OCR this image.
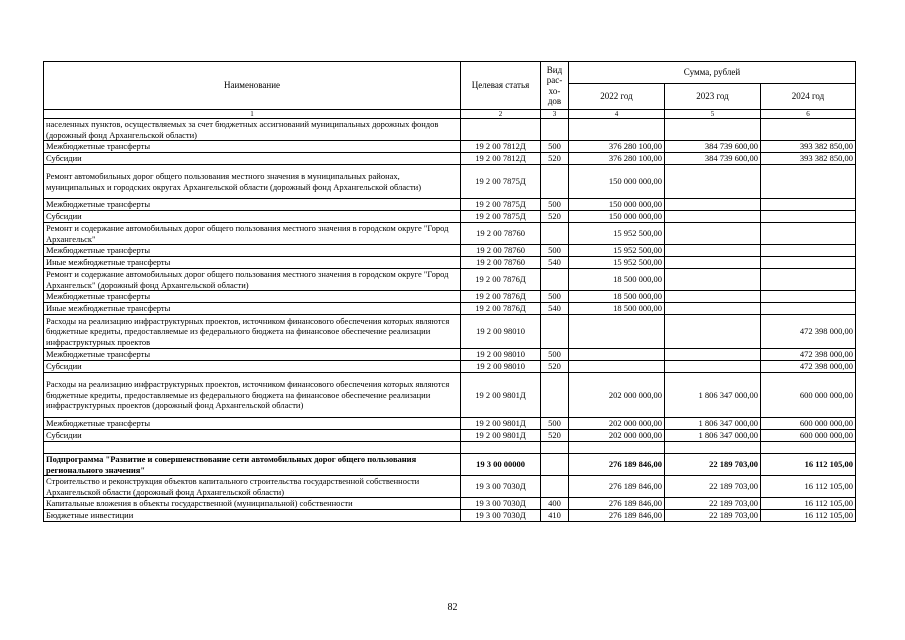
Наименование	Целевая статья	Вид
рас-
хо-
дов	Сумма, рублей		
			2022 год	2023 год	2024 год
1	2	3	4	5	6
населенных пунктов, осуществляемых за счет бюджетных ассигнований муниципальных дорожных фондов (дорожный фонд Архангельской области)					
Межбюджетные трансферты	19 2 00 7812Д	500	376 280 100,00	384 739 600,00	393 382 850,00
Субсидии	19 2 00 7812Д	520	376 280 100,00	384 739 600,00	393 382 850,00
Ремонт автомобильных дорог общего пользования местного значения в муниципальных районах, муниципальных и городских округах Архангельской области (дорожный фонд Архангельской области)	19 2 00 7875Д		150 000 000,00		
Межбюджетные трансферты	19 2 00 7875Д	500	150 000 000,00		
Субсидии	19 2 00 7875Д	520	150 000 000,00		
Ремонт и содержание автомобильных дорог общего пользования местного значения в городском округе "Город Архангельск"	19 2 00 78760		15 952 500,00		
Межбюджетные трансферты	19 2 00 78760	500	15 952 500,00		
Иные межбюджетные трансферты	19 2 00 78760	540	15 952 500,00		
Ремонт и содержание автомобильных дорог общего пользования местного значения в городском округе "Город Архангельск" (дорожный фонд Архангельской области)	19 2 00 7876Д		18 500 000,00		
Межбюджетные трансферты	19 2 00 7876Д	500	18 500 000,00		
Иные межбюджетные трансферты	19 2 00 7876Д	540	18 500 000,00		
Расходы на реализацию инфраструктурных проектов, источником финансового обеспечения которых являются бюджетные кредиты, предоставляемые из федерального бюджета на финансовое обеспечение реализации инфраструктурных проектов	19 2 00 98010				472 398 000,00
Межбюджетные трансферты	19 2 00 98010	500			472 398 000,00
Субсидии	19 2 00 98010	520			472 398 000,00
Расходы на реализацию инфраструктурных проектов, источником финансового обеспечения которых являются бюджетные кредиты, предоставляемые из федерального бюджета на финансовое обеспечение реализации инфраструктурных проектов (дорожный фонд Архангельской области)	19 2 00 9801Д		202 000 000,00	1 806 347 000,00	600 000 000,00
Межбюджетные трансферты	19 2 00 9801Д	500	202 000 000,00	1 806 347 000,00	600 000 000,00
Субсидии	19 2 00 9801Д	520	202 000 000,00	1 806 347 000,00	600 000 000,00

Подпрограмма "Развитие и совершенствование сети автомобильных дорог общего пользования регионального значения"	19 3 00 00000		276 189 846,00	22 189 703,00	16 112 105,00
Строительство и реконструкция объектов капитального строительства государственной собственности Архангельской области (дорожный фонд Архангельской области)	19 3 00 7030Д		276 189 846,00	22 189 703,00	16 112 105,00
Капитальные вложения в объекты государственной (муниципальной) собственности	19 3 00 7030Д	400	276 189 846,00	22 189 703,00	16 112 105,00
Бюджетные инвестиции	19 3 00 7030Д	410	276 189 846,00	22 189 703,00	16 112 105,00
82
